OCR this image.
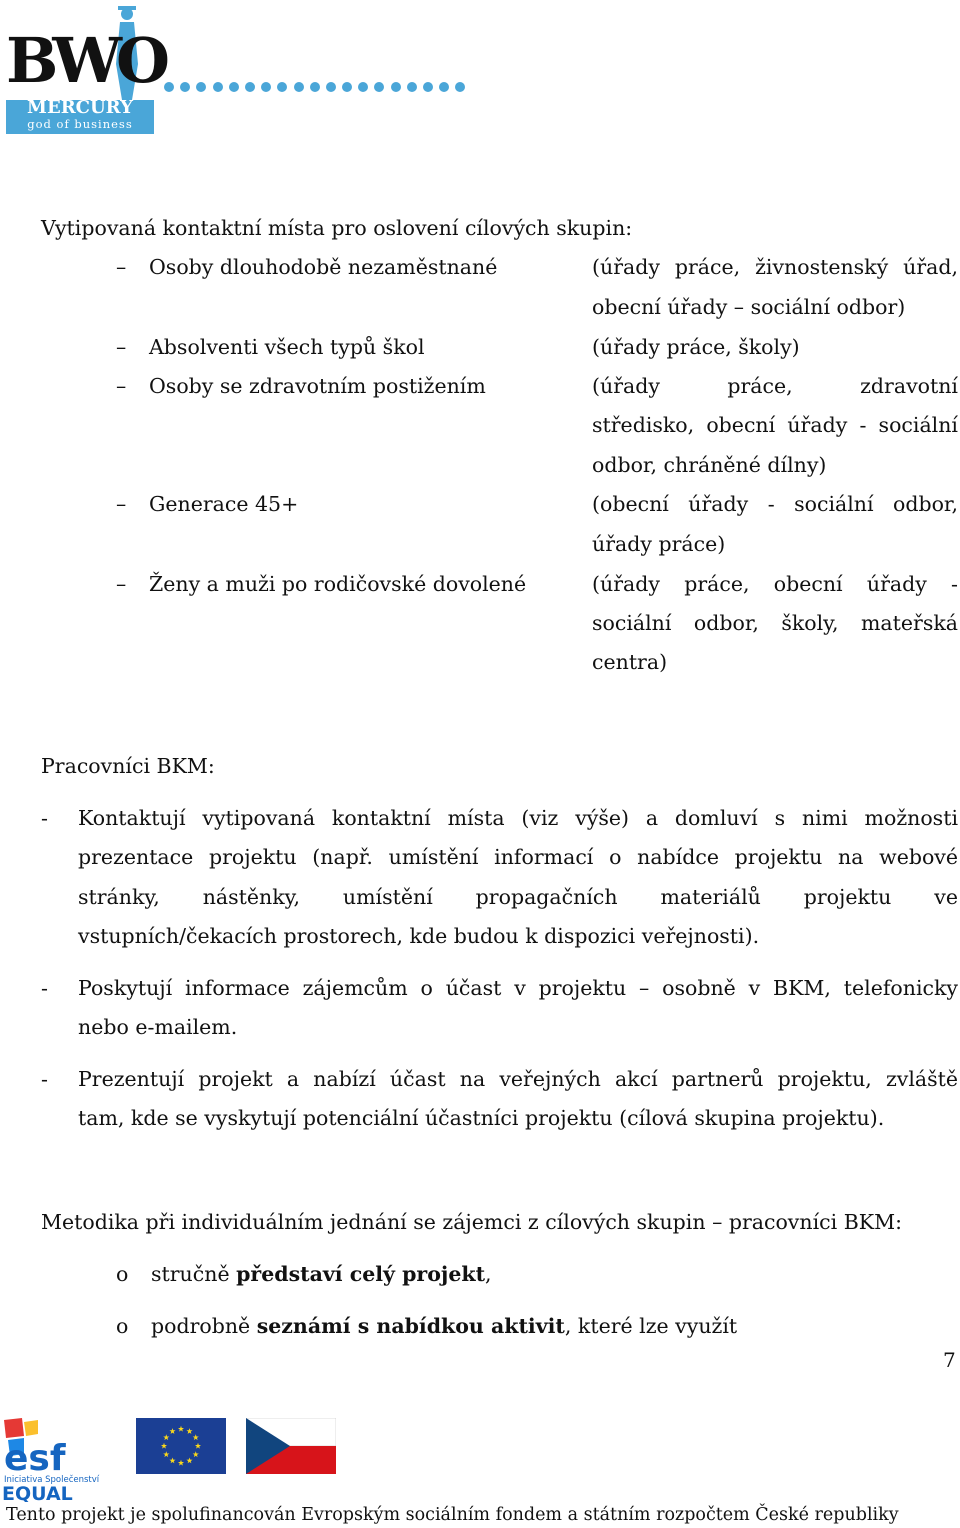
BWO
MERCURY
god of business
Vytipovaná kontaktní místa pro oslovení cílových skupin:
– Osoby dlouhodobě nezaměstnané	(úřady práce, živnostenský úřad,
obecní úřady – sociální odbor)
– Absolventi všech typů škol	(úřady práce, školy)
– Osoby se zdravotním postižením	(úřady práce, zdravotní
středisko, obecní úřady - sociální
odbor, chráněné dílny)
– Generace 45+	(obecní úřady - sociální odbor,
úřady práce)
– Ženy a muži po rodičovské dovolené	(úřady práce, obecní úřady -
sociální odbor, školy, mateřská
centra)
Pracovníci BKM:
- Kontaktují vytipovaná kontaktní místa (viz výše) a domluví s nimi možnosti
prezentace projektu (např. umístění informací o nabídce projektu na webové
stránky, nástěnky, umístění propagačních materiálů projektu ve
vstupních/čekacích prostorech, kde budou k dispozici veřejnosti).
- Poskytují informace zájemcům o účast v projektu – osobně v BKM, telefonicky
nebo e-mailem.
- Prezentují projekt a nabízí účast na veřejných akcí partnerů projektu, zvláště
tam, kde se vyskytují potenciální účastníci projektu (cílová skupina projektu).
Metodika při individuálním jednání se zájemci z cílových skupin – pracovníci BKM:
o stručně představí celý projekt,
o podrobně seznámí s nabídkou aktivit, které lze využít
7
esf
Iniciativa Společenství
EQUAL
Tento projekt je spolufinancován Evropským sociálním fondem a státním rozpočtem České republiky
